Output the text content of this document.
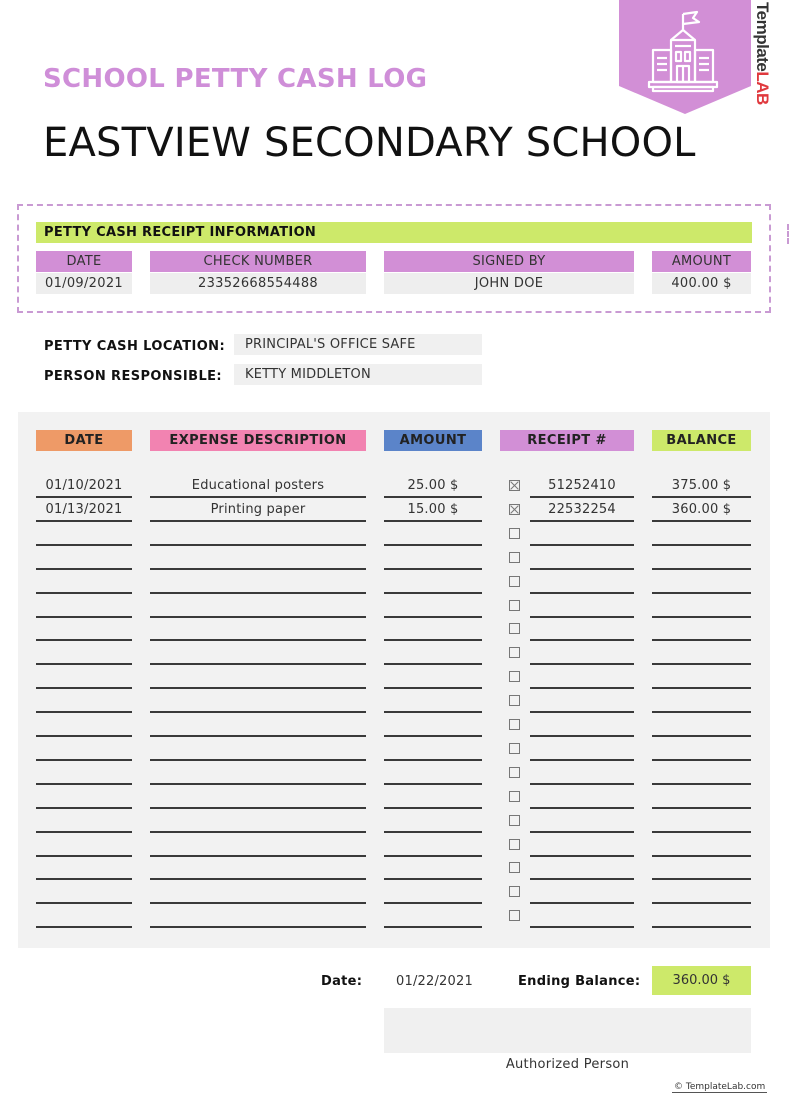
TemplateLAB
SCHOOL PETTY CASH LOG
EASTVIEW SECONDARY SCHOOL
PETTY CASH RECEIPT INFORMATION
DATE	CHECK NUMBER	SIGNED BY	AMOUNT
01/09/2021	23352668554488	JOHN DOE	400.00 $
PETTY CASH LOCATION:	PRINCIPAL'S OFFICE SAFE
PERSON RESPONSIBLE:	KETTY MIDDLETON
DATE	EXPENSE DESCRIPTION	AMOUNT	RECEIPT #	BALANCE
01/10/2021	Educational posters	25.00 $	51252410	375.00 $
01/13/2021	Printing paper	15.00 $	22532254	360.00 $
Date:	01/22/2021	Ending Balance:	360.00 $
Authorized Person
© TemplateLab.com
